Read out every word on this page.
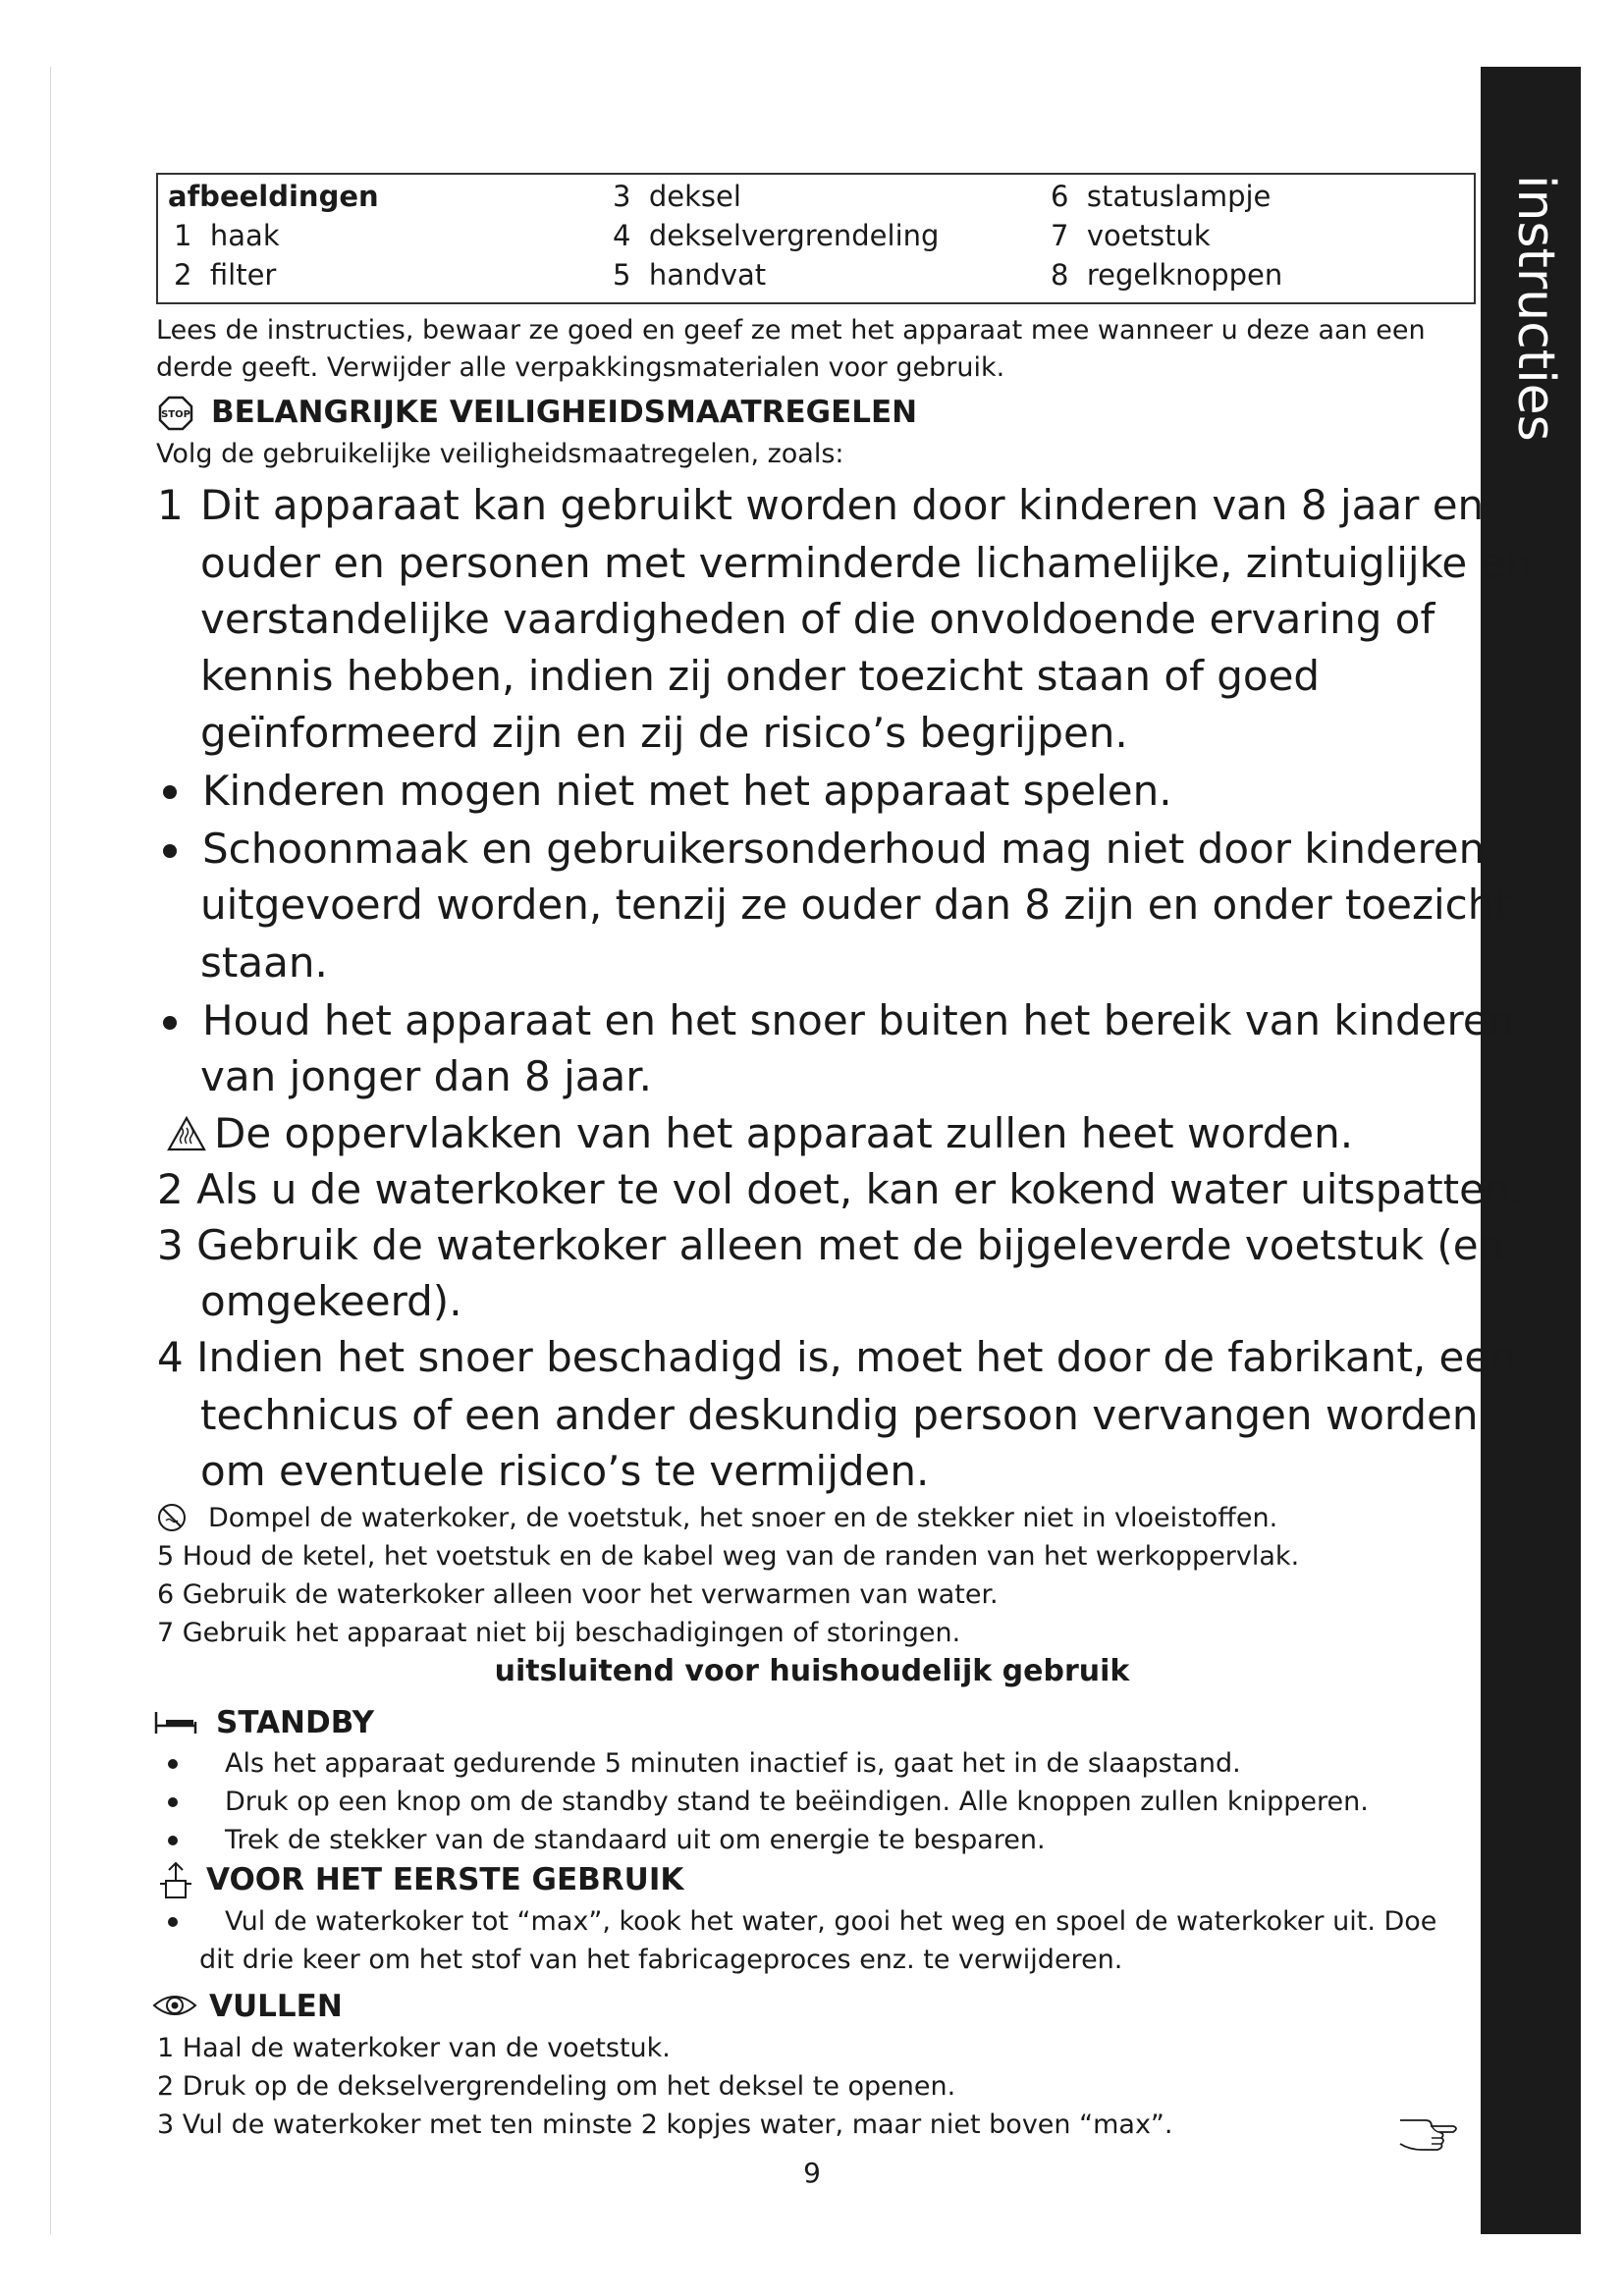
instructies
afbeeldingen
1 haak
2 filter
3 deksel
4 dekselvergrendeling
5 handvat
6 statuslampje
7 voetstuk
8 regelknoppen
Lees de instructies, bewaar ze goed en geef ze met het apparaat mee wanneer u deze aan een
derde geeft. Verwijder alle verpakkingsmaterialen voor gebruik.
STOP BELANGRIJKE VEILIGHEIDSMAATREGELEN
Volg de gebruikelijke veiligheidsmaatregelen, zoals:
1 Dit apparaat kan gebruikt worden door kinderen van 8 jaar en
ouder en personen met verminderde lichamelijke, zintuiglijke en
verstandelijke vaardigheden of die onvoldoende ervaring of
kennis hebben, indien zij onder toezicht staan of goed
geïnformeerd zijn en zij de risico’s begrijpen.
Kinderen mogen niet met het apparaat spelen.
Schoonmaak en gebruikersonderhoud mag niet door kinderen
uitgevoerd worden, tenzij ze ouder dan 8 zijn en onder toezicht
staan.
Houd het apparaat en het snoer buiten het bereik van kinderen
van jonger dan 8 jaar.
De oppervlakken van het apparaat zullen heet worden.
2 Als u de waterkoker te vol doet, kan er kokend water uitspatten.
3 Gebruik de waterkoker alleen met de bijgeleverde voetstuk (en
omgekeerd).
4 Indien het snoer beschadigd is, moet het door de fabrikant, een
technicus of een ander deskundig persoon vervangen worden
om eventuele risico’s te vermijden.
Dompel de waterkoker, de voetstuk, het snoer en de stekker niet in vloeistoffen.
5 Houd de ketel, het voetstuk en de kabel weg van de randen van het werkoppervlak.
6 Gebruik de waterkoker alleen voor het verwarmen van water.
7 Gebruik het apparaat niet bij beschadigingen of storingen.
uitsluitend voor huishoudelijk gebruik
STANDBY
Als het apparaat gedurende 5 minuten inactief is, gaat het in de slaapstand.
Druk op een knop om de standby stand te beëindigen. Alle knoppen zullen knipperen.
Trek de stekker van de standaard uit om energie te besparen.
VOOR HET EERSTE GEBRUIK
Vul de waterkoker tot “max”, kook het water, gooi het weg en spoel de waterkoker uit. Doe
dit drie keer om het stof van het fabricageproces enz. te verwijderen.
VULLEN
1 Haal de waterkoker van de voetstuk.
2 Druk op de dekselvergrendeling om het deksel te openen.
3 Vul de waterkoker met ten minste 2 kopjes water, maar niet boven “max”.
9
